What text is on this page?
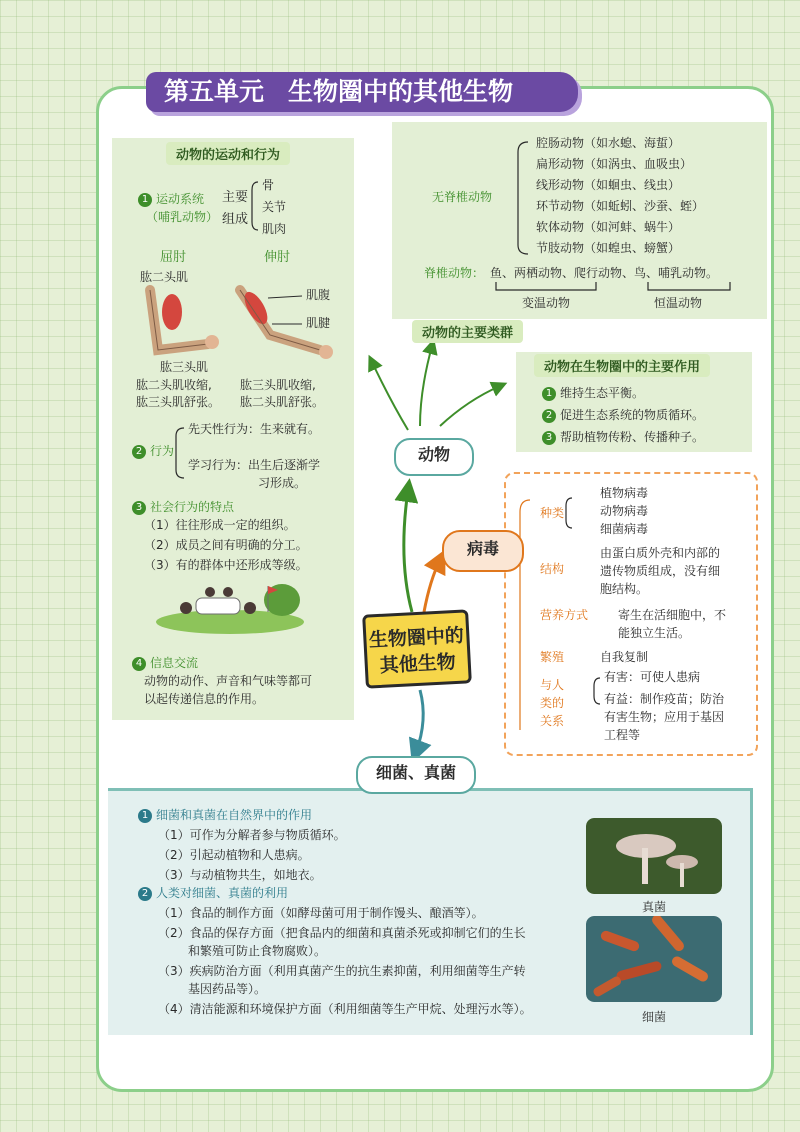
第五单元 生物圈中的其他生物
动物的运动和行为
1 运动系统
（哺乳动物）
主要
组成
骨
关节
肌肉
屈肘	伸肘
肱二头肌
肌腹
肌腱
肱三头肌
肱二头肌收缩,
肱三头肌舒张。
肱三头肌收缩,
肱二头肌舒张。
2 行为
先天性行为：生来就有。
学习行为：出生后逐渐学
习形成。
3 社会行为的特点
（1）往往形成一定的组织。
（2）成员之间有明确的分工。
（3）有的群体中还形成等级。
4 信息交流
动物的动作、声音和气味等都可
以起传递信息的作用。
无脊椎动物
腔肠动物（如水螅、海蜇）
扁形动物（如涡虫、血吸虫）
线形动物（如蛔虫、线虫）
环节动物（如蚯蚓、沙蚕、蛭）
软体动物（如河蚌、蜗牛）
节肢动物（如蝗虫、螃蟹）
脊椎动物： 鱼、两栖动物、爬行动物、鸟、哺乳动物。
变温动物	恒温动物
动物的主要类群
动物在生物圈中的主要作用
1 维持生态平衡。
2 促进生态系统的物质循环。
3 帮助植物传粉、传播种子。
动物
病毒
生物圈中的
其他生物
细菌、真菌
种类
植物病毒
动物病毒
细菌病毒
结构
由蛋白质外壳和内部的
遗传物质组成，没有细
胞结构。
营养方式 寄生在活细胞中，不
能独立生活。
繁殖	自我复制
与人
类的
关系
有害：可使人患病
有益：制作疫苗；防治
有害生物；应用于基因
工程等
1 细菌和真菌在自然界中的作用
（1）可作为分解者参与物质循环。
（2）引起动植物和人患病。
（3）与动植物共生，如地衣。
2 人类对细菌、真菌的利用
（1）食品的制作方面（如酵母菌可用于制作馒头、酿酒等）。
（2）食品的保存方面（把食品内的细菌和真菌杀死或抑制它们的生长
和繁殖可防止食物腐败）。
（3）疾病防治方面（利用真菌产生的抗生素抑菌，利用细菌等生产转
基因药品等）。
（4）清洁能源和环境保护方面（利用细菌等生产甲烷、处理污水等）。
真菌
细菌
